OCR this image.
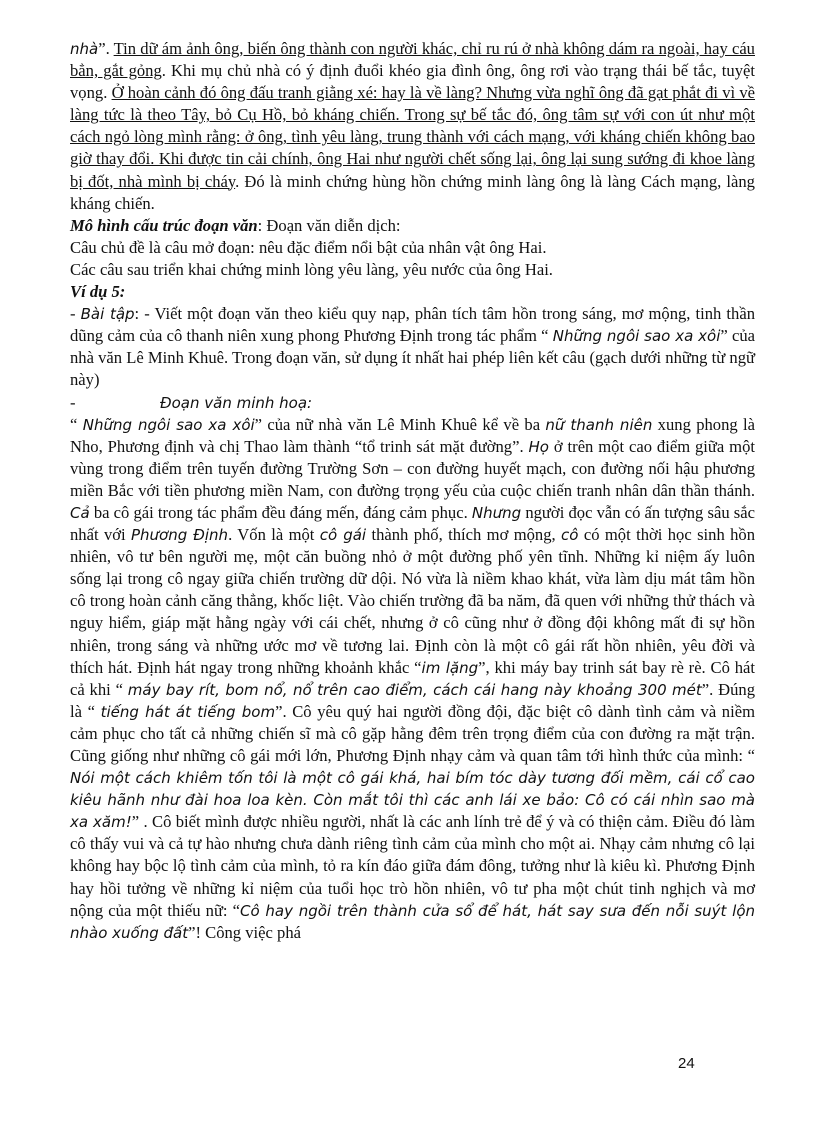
nhà”. Tin dữ ám ảnh ông, biến ông thành con người khác, chỉ ru rú ở nhà không dám ra ngoài, hay cáu bẳn, gắt gỏng. Khi mụ chủ nhà có ý định đuổi khéo gia đình ông, ông rơi vào trạng thái bế tắc, tuyệt vọng. Ở hoàn cảnh đó ông đấu tranh giằng xé: hay là về làng? Nhưng vừa nghĩ ông đã gạt phắt đi vì về làng tức là theo Tây, bỏ Cụ Hồ, bỏ kháng chiến. Trong sự bế tắc đó, ông tâm sự với con út như một cách ngỏ lòng mình rằng: ở ông, tình yêu làng, trung thành với cách mạng, với kháng chiến không bao giờ thay đổi. Khi được tin cải chính, ông Hai như người chết sống lại, ông lại sung sướng đi khoe làng bị đốt, nhà mình bị cháy. Đó là minh chứng hùng hồn chứng minh làng ông là làng Cách mạng, làng kháng chiến.

Mô hình cấu trúc đoạn văn: Đoạn văn diễn dịch:

Câu chủ đề là câu mở đoạn: nêu đặc điểm nổi bật của nhân vật ông Hai.

Các câu sau triển khai chứng minh lòng yêu làng, yêu nước của ông Hai.

Ví dụ 5:

- Bài tập: - Viết một đoạn văn theo kiểu quy nạp, phân tích tâm hồn trong sáng, mơ mộng, tinh thần dũng cảm của cô thanh niên xung phong Phương Định trong tác phẩm “ Những ngôi sao xa xôi” của nhà văn Lê Minh Khuê. Trong đoạn văn, sử dụng ít nhất hai phép liên kết câu (gạch dưới những từ ngữ này)

-	Đoạn văn minh hoạ:

“ Những ngôi sao xa xôi” của nữ nhà văn Lê Minh Khuê kể về ba nữ thanh niên xung phong là Nho, Phương định và chị Thao làm thành “tổ trinh sát mặt đường”. Họ ở trên một cao điểm giữa một vùng trong điểm trên tuyến đường Trường Sơn – con đường huyết mạch, con đường nối hậu phương miền Bắc với tiền phương miền Nam, con đường trọng yếu của cuộc chiến tranh nhân dân thần thánh. Cả ba cô gái trong tác phẩm đều đáng mến, đáng cảm phục. Nhưng người đọc vẫn có ấn tượng sâu sắc nhất với Phương Định. Vốn là một cô gái thành phố, thích mơ mộng, cô có một thời học sinh hồn nhiên, vô tư bên người mẹ, một căn buồng nhỏ ở một đường phố yên tĩnh. Những kỉ niệm ấy luôn sống lại trong cô ngay giữa chiến trường dữ dội. Nó vừa là niềm khao khát, vừa làm dịu mát tâm hồn cô trong hoàn cảnh căng thẳng, khốc liệt. Vào chiến trường đã ba năm, đã quen với những thử thách và nguy hiểm, giáp mặt hằng ngày với cái chết, nhưng ở cô cũng như ở đồng đội không mất đi sự hồn nhiên, trong sáng và những ước mơ về tương lai. Định còn là một cô gái rất hồn nhiên, yêu đời và thích hát. Định hát ngay trong những khoảnh khắc “im lặng”, khi máy bay trinh sát bay rè rè. Cô hát cả khi “ máy bay rít, bom nổ, nổ trên cao điểm, cách cái hang này khoảng 300 mét”. Đúng là “ tiếng hát át tiếng bom”. Cô yêu quý hai người đồng đội, đặc biệt cô dành tình cảm và niềm cảm phục cho tất cả những chiến sĩ mà cô gặp hằng đêm trên trọng điểm của con đường ra mặt trận. Cũng giống như những cô gái mới lớn, Phương Định nhạy cảm và quan tâm tới hình thức của mình: “ Nói một cách khiêm tốn tôi là một cô gái khá, hai bím tóc dày tương đối mềm, cái cổ cao kiêu hãnh như đài hoa loa kèn. Còn mắt tôi thì các anh lái xe bảo: Cô có cái nhìn sao mà xa xăm!” . Cô biết mình được nhiều người, nhất là các anh lính trẻ để ý và có thiện cảm. Điều đó làm cô thấy vui và cả tự hào nhưng chưa dành riêng tình cảm của mình cho một ai. Nhạy cảm nhưng cô lại không hay bộc lộ tình cảm của mình, tỏ ra kín đáo giữa đám đông, tưởng như là kiêu kì. Phương Định hay hồi tưởng về những kỉ niệm của tuổi học trò hồn nhiên, vô tư pha một chút tinh nghịch và mơ nộng của một thiếu nữ: “Cô hay ngồi trên thành cửa sổ để hát, hát say sưa đến nỗi suýt lộn nhào xuống đất”! Công việc phá

24
